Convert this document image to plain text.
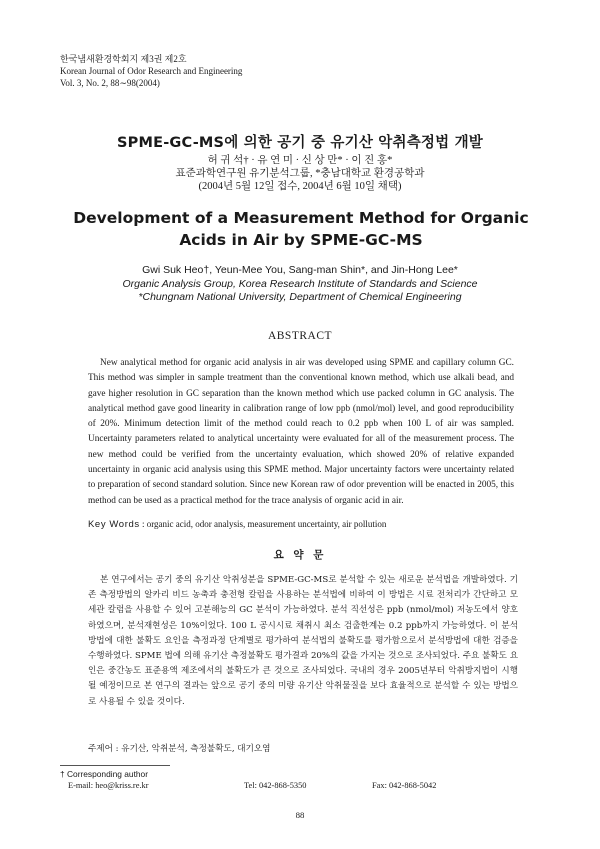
한국냄새환경학회지 제3권 제2호
Korean Journal of Odor Research and Engineering
Vol. 3, No. 2, 88∼98(2004)
SPME-GC-MS에 의한 공기 중 유기산 악취측정법 개발
허 귀 석† · 유 연 미 · 신 상 만* · 이 진 홍*
표준과학연구원 유기분석그룹, *충남대학교 환경공학과
(2004년 5월 12일 접수, 2004년 6월 10일 채택)
Development of a Measurement Method for Organic Acids in Air by SPME-GC-MS
Gwi Suk Heo†, Yeun-Mee You, Sang-man Shin*, and Jin-Hong Lee*
Organic Analysis Group, Korea Research Institute of Standards and Science
*Chungnam National University, Department of Chemical Engineering
ABSTRACT

New analytical method for organic acid analysis in air was developed using SPME and capillary column GC. This method was simpler in sample treatment than the conventional known method, which use alkali bead, and gave higher resolution in GC separation than the known method which use packed column in GC analysis. The analytical method gave good linearity in calibration range of low ppb (nmol/mol) level, and good reproducibility of 20%. Minimum detection limit of the method could reach to 0.2 ppb when 100 L of air was sampled. Uncertainty parameters related to analytical uncertainty were evaluated for all of the measurement process. The new method could be verified from the uncertainty evaluation, which showed 20% of relative expanded uncertainty in organic acid analysis using this SPME method. Major uncertainty factors were uncertainty related to preparation of second standard solution. Since new Korean raw of odor prevention will be enacted in 2005, this method can be used as a practical method for the trace analysis of organic acid in air.

Key Words : organic acid, odor analysis, measurement uncertainty, air pollution
요 약 문

본 연구에서는 공기 중의 유기산 악취성분을 SPME-GC-MS로 분석할 수 있는 새로운 분석법을 개발하였다. 기존 측정방법의 알카리 비드 농축과 충전형 칼럼을 사용하는 분석법에 비하여 이 방법은 시료 전처리가 간단하고 모세관 칼럼을 사용할 수 있어 고분해능의 GC 분석이 가능하였다. 분석 직선성은 ppb (nmol/mol) 저농도에서 양호하였으며, 분석재현성은 10%이었다. 100 L 공시시료 채취시 최소 검출한계는 0.2 ppb까지 가능하였다. 이 분석방법에 대한 불확도 요인을 측정과정 단계별로 평가하여 분석법의 불확도를 평가함으로서 분석방법에 대한 검증을 수행하였다. SPME 법에 의해 유기산 측정불확도 평가결과 20%의 값을 가지는 것으로 조사되었다. 주요 불확도 요인은 중간농도 표준용액 제조에서의 불확도가 큰 것으로 조사되었다. 국내의 경우 2005년부터 악취방지법이 시행될 예정이므로 본 연구의 결과는 앞으로 공기 중의 미량 유기산 악취물질을 보다 효율적으로 분석할 수 있는 방법으로 사용될 수 있을 것이다.

주제어 : 유기산, 악취분석, 측정불확도, 대기오염
† Corresponding author
E-mail: heo@kriss.re.kr	Tel: 042-868-5350	Fax: 042-868-5042
88
